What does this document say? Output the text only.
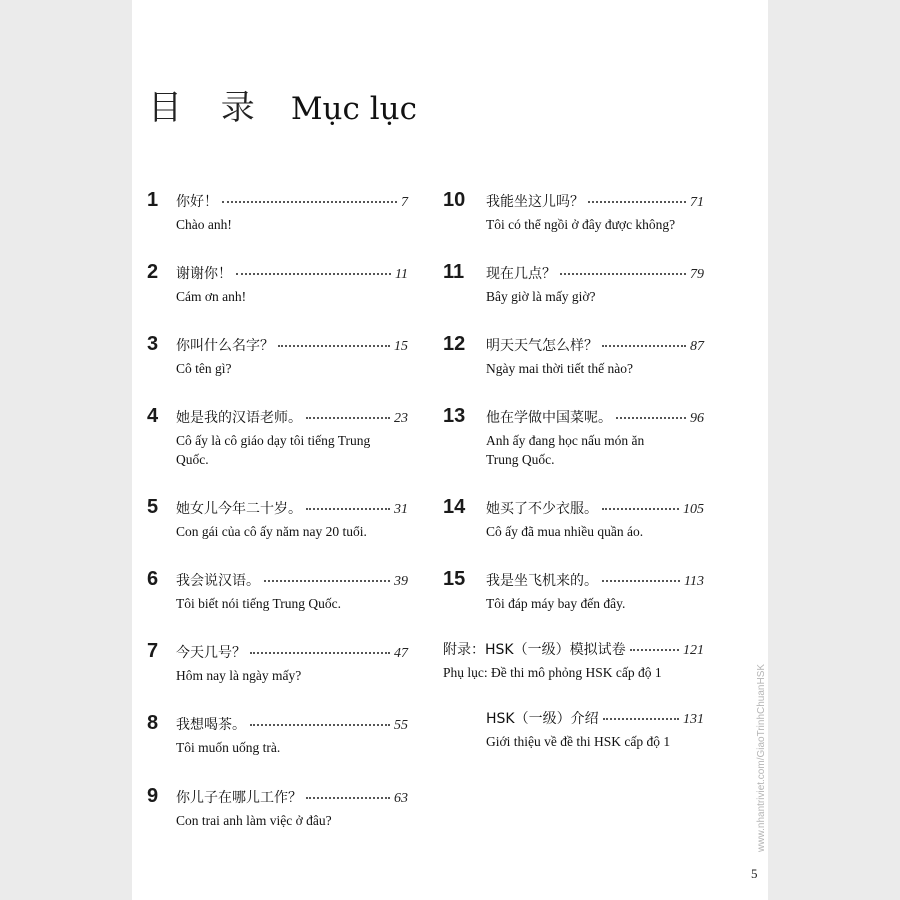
目 录 Mục lục
1 你好！	7
Chào anh!
2 谢谢你！	11
Cám ơn anh!
3 你叫什么名字？	15
Cô tên gì?
4 她是我的汉语老师。	23
Cô ấy là cô giáo dạy tôi tiếng Trung Quốc.
5 她女儿今年二十岁。	31
Con gái của cô ấy năm nay 20 tuổi.
6 我会说汉语。	39
Tôi biết nói tiếng Trung Quốc.
7 今天几号？	47
Hôm nay là ngày mấy?
8 我想喝茶。	55
Tôi muốn uống trà.
9 你儿子在哪儿工作？	63
Con trai anh làm việc ở đâu?
10 我能坐这儿吗？	71
Tôi có thể ngồi ở đây được không?
11 现在几点？	79
Bây giờ là mấy giờ?
12 明天天气怎么样？	87
Ngày mai thời tiết thế nào?
13 他在学做中国菜呢。	96
Anh ấy đang học nấu món ăn Trung Quốc.
14 她买了不少衣服。	105
Cô ấy đã mua nhiều quần áo.
15 我是坐飞机来的。	113
Tôi đáp máy bay đến đây.
附录：HSK（一级）模拟试卷	121
Phụ lục: Đề thi mô phỏng HSK cấp độ 1
HSK（一级）介绍	131
Giới thiệu về đề thi HSK cấp độ 1	www.nhantriviet.com/GiaoTrinhChuanHSK
5
